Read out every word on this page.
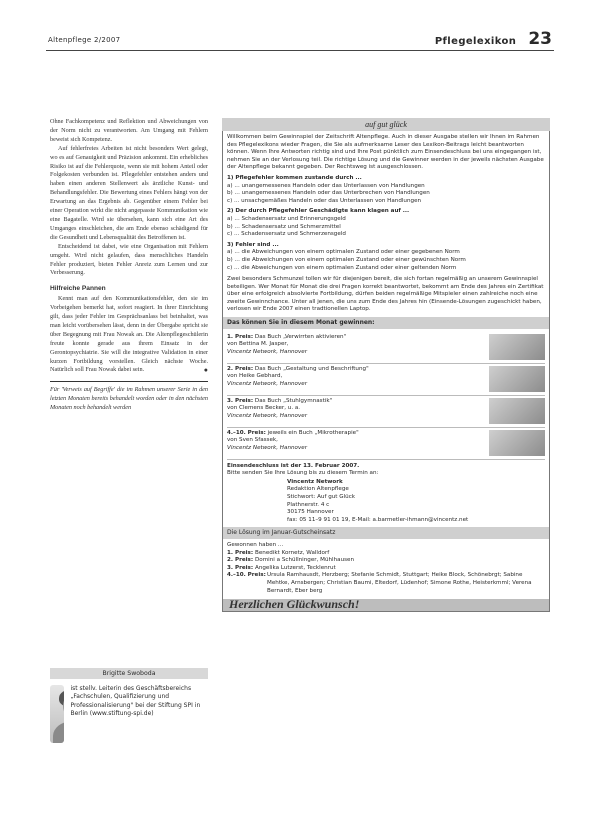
Altenpflege 2/2007	Pflegelexikon 23

Ohne Fachkompetenz und Reflektion und Abweichungen von der Norm nicht zu verantworten. Am Umgang mit Fehlern beweist sich Kompetenz.

Auf fehlerfreies Arbeiten ist nicht besonders Wert gelegt, wo es auf Genauigkeit und Präzision ankommt. Ein erhebliches Risiko ist auf die Fehlerquote, wenn sie mit hohem Anteil oder Folgekosten verbunden ist. Pflegefehler entstehen anders und haben einen anderen Stellenwert als ärztliche Kunst- und Behandlungsfehler. Die Bewertung eines Fehlers hängt von der Erwartung an das Ergebnis ab. Gegenüber einem Fehler bei einer Operation wirkt die nicht angepasste Kommunikation wie eine Bagatelle. Wird sie übersehen, kann sich eine Art des Umganges einschleichen, die am Ende ebenso schädigend für die Gesundheit und Lebensqualität des Betroffenen ist.

Entscheidend ist dabei, wie eine Organisation mit Fehlern umgeht. Wird nicht gelaufen, dass menschliches Handeln Fehler produziert, bieten Fehler Anreiz zum Lernen und zur Verbesserung.

Hilfreiche Pannen

Kennt man auf den Kommunikationsfehler, den sie im Vorbeigehen bemerkt hat, sofort reagiert. In ihrer Einrichtung gilt, dass jeder Fehler im Gesprächsanlass bei beinhaltet, was man leicht vorübersehen lässt, denn in der Übergabe spricht sie über Begegnung mit Frau Nowak an. Die Altenpflegeschülerin freute konnte gerade aus ihrem Einsatz in der Gerontopsychiatrie. Sie will die integrative Validation in einer kurzen Fortbildung vorstellen. Gleich nächste Woche. Natürlich soll Frau Nowak dabei sein.	●

Für 'Verweis auf Begriffe' die im Rahmen unserer Serie in den letzten Monaten bereits behandelt worden oder in den nächsten Monaten noch behandelt werden

Brigitte Swoboda
ist stellv. Leiterin des Geschäftsbereichs „Fachschulen, Qualifizierung und Professionalisierung" bei der Stiftung SPI in Berlin (www.stiftung-spi.de)
auf gut glück

Willkommen beim Gewinnspiel der Zeitschrift Altenpflege. Auch in dieser Ausgabe stellen wir Ihnen im Rahmen des Pflegelexikons wieder Fragen, die Sie als aufmerksame Leser des Lexikon-Beitrags leicht beantworten können. Wenn Ihre Antworten richtig sind und Ihre Post pünktlich zum Einsendeschluss bei uns eingegangen ist, nehmen Sie an der Verlosung teil. Die richtige Lösung und die Gewinner werden in der jeweils nächsten Ausgabe der Altenpflege bekannt gegeben. Der Rechtsweg ist ausgeschlossen.

1) Pflegefehler kommen zustande durch ...
a) ... unangemessenes Handeln oder das Unterlassen von Handlungen
b) ... unangemessenes Handeln oder das Unterbrechen von Handlungen
c) ... unsachgemäßes Handeln oder das Unterlassen von Handlungen
2) Der durch Pflegefehler Geschädigte kann klagen auf ...
a) ... Schadensersatz und Erinnerungsgeld
b) ... Schadensersatz und Schmerzmittel
c) ... Schadensersatz und Schmerzensgeld
3) Fehler sind ...
a) ... die Abweichungen von einem optimalen Zustand oder einer gegebenen Norm
b) ... die Abweichungen von einem optimalen Zustand oder einer gewünschten Norm
c) ... die Abweichungen von einem optimalen Zustand oder einer geltenden Norm

Zwei besonders Schmunzel tollen wir für diejenigen bereit, die sich fortan regelmäßig an unserem Gewinnspiel beteiligen. Wer Monat für Monat die drei Fragen korrekt beantwortet, bekommt am Ende des Jahres ein Zertifikat über eine erfolgreich absolvierte Fortbildung, dürfen beiden regelmäßige Mitspieler einen zahlreiche noch eine zweite Gewinnchance. Unter all jenen, die uns zum Ende des Jahres hin (Einsende-Lösungen zugeschickt haben, verlosen wir Ende 2007 einen tradtionellen Laptop.

Das können Sie in diesem Monat gewinnen:
1. Preis: Das Buch „Verwirrten aktivieren"
von Bettina M. Jasper,
Vincentz Network, Hannover
2. Preis: Das Buch „Gestaltung und Beschriftung"
von Heike Gebhard,
Vincentz Network, Hannover
3. Preis: Das Buch „Stuhlgymnastik"
von Clemens Becker, u. a.
Vincentz Network, Hannover
4.–10. Preis: jeweils ein Buch „Mikrotherapie"
von Sven Sfassek,
Vincentz Network, Hannover
Einsendeschluss ist der 13. Februar 2007.
Bitte senden Sie Ihre Lösung bis zu diesem Termin an:
Vincentz Network
Redaktion Altenpflege
Stichwort: Auf gut Glück
Plathnerstr. 4 c
30175 Hannover
fax: 05 11–9 91 01 19, E-Mail: a.barmetler-ihmann@vincentz.net
Die Lösung im Januar-Gutscheinsatz
Gewonnen haben ...
1. Preis: Benedikt Kornetz, Walldorf
2. Preis: Domini a Schüllninger, Mühlhausen
3. Preis: Angelika Lutzerst, Tecklenrut
4.–10. Preis: Ursula Ramhausdt, Herzberg; Stefanie Schmidt, Stuttgart; Heike Block, Schönebrgt; Sabine Mehtke, Arnsbergen; Christian Baumi, Eltedorf, Lüdenhof; Simone Rothe, Heisterkmml; Verena Bernardt, Eber berg
Herzlichen Glückwunsch!
